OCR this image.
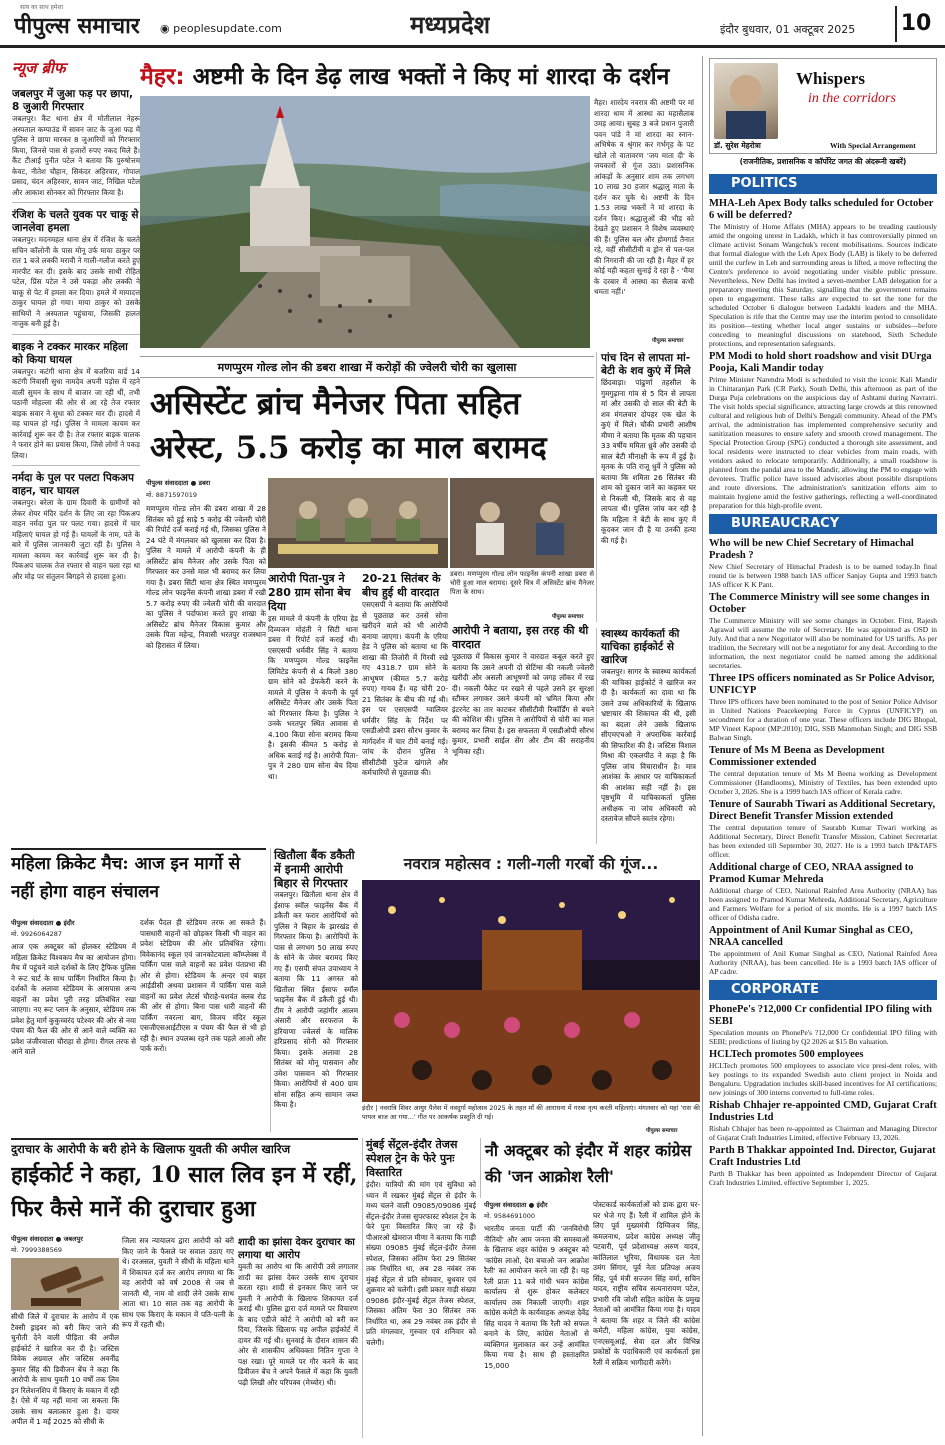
सत्य का साथ हमेशा
पीपुल्स समाचार ◉ peoplesupdate.com	मध्यप्रदेश	इंदौर बुधवार, 01 अक्टूबर 2025 10
न्यूज ब्रीफ
जबलपुर में जुआ फड़ पर छापा, 8 जुआरी गिरफ्तार
जबलपुर। कैंट थाना क्षेत्र में मोतीलाल नेहरू अस्पताल कम्पाउंड में सावन जाट के जुआ फड़ में पुलिस ने छापा मारकर 8 जुआरियों को गिरफ्तार किया, जिनसे पास से हजारों रुपए नकद मिले हैं। कैंट टीआई पुनीत पटेल ने बताया कि पुरुषोत्तम केवट, नीतेश चौहान, सिकंदर अहिरवार, गोपाल प्रसाद, चंदन अहिरवार, सावन जाट, निखिल पटेल और आकाश सोनकर को गिरफ्तार किया है।
रंजिश के चलते युवक पर चाकू से जानलेवा हमला
जबलपुर। मदनमहल थाना क्षेत्र में रंजिश के चलते सचिन कॉलोनी के पास मोनू उर्फ माया ठाकुर पर रात 1 बजे लक्की मरावी ने गाली-गलौज करते हुए मारपीट कर दी। इसके बाद उसके साथी रोहित पटेल, प्रिंस पटेल ने उसे पकड़ा और लक्की ने चाकू से पेट में हमला कर दिया। हमले में मायादत्त ठाकुर घायल हो गया। माया ठाकुर को उसके साथियों ने अस्पताल पहुंचाया, जिसकी हालत नाजुक बनी हुई है।
बाइक ने टक्कर मारकर महिला को किया घायल
जबलपुर। कटंगी थाना क्षेत्र में बजरिया वार्ड 14 कटंगी निवासी सुधा नामदेव अपनी पड़ोस में रहने वाली सुमन के साथ में बाजार जा रही थीं, तभी पठानी मोहल्ला की ओर से आ रहे तेज रफ्तार बाइक सवार ने सुधा को टक्कर मार दी। हादसे में वह घायल हो गई। पुलिस ने मामला कायम कर कार्रवाई शुरू कर दी है। तेज रफ्तार बाइक चालक ने फरार होने का प्रयास किया, जिसे लोगों ने पकड़ लिया।
नर्मदा के पुल पर पलटा पिकअप वाहन, चार घायल
जबलपुर। बरेला के ग्राम दिवारी के ग्रामीणों को लेकर शेयर मंदिर दर्शन के लिए जा रहा पिकअप वाहन नर्मदा पुल पर पलट गया। हादसे में चार महिलाएं घायल हो गई हैं। घायलों के नाम, पते के बारे में पुलिस जानकारी जुटा रही है। पुलिस ने मामला कायम कर कार्रवाई शुरू कर दी है। पिकअप चालक तेज रफ्तार से वाहन चला रहा था और मोड़ पर संतुलन बिगड़ने से हादसा हुआ।
मैहर: अष्टमी के दिन डेढ़ लाख भक्तों ने किए मां शारदा के दर्शन
मैहर। शारदेय नवरात्र की अष्टमी पर मां शारदा धाम में आस्था का महासैलाब उमड़ आया। सुबह 3 बजे प्रधान पुजारी पवन पांडे ने मां शारदा का स्नान-अभिषेक व श्रृंगार कर गर्भगृह के पट खोले तो वातावरण 'जय माता दी' के जयकारों से गूंज उठा। प्रशासनिक आंकड़ों के अनुसार शाम तक लगभग 10 लाख 30 हजार श्रद्धालु माता के दर्शन कर चुके थे। अष्टमी के दिन 1.53 लाख भक्तों ने मां शारदा के दर्शन किए। श्रद्धालुओं की भीड़ को देखते हुए प्रशासन ने विशेष व्यवस्थाएं की हैं। पुलिस बल और होमगार्ड तैनात रहे, वहीं सीसीटीवी व ड्रोन से पल-पल की निगरानी की जा रही है। मैहर में हर कोई यही कहता सुनाई दे रहा है - 'मैया के दरबार में आस्था का सैलाब कभी थमता नहीं।'
पीपुल्स समाचार
मणप्पुरम गोल्ड लोन की डबरा शाखा में करोड़ों की ज्वेलरी चोरी का खुलासा
असिस्टेंट ब्रांच मैनेजर पिता सहित अरेस्ट, 5.5 करोड़ का माल बरामद
पीपुल्स संवाददाता ● डबरा
मो. 8871597019
डबरा। मणप्पुरम गोल्ड लोन फाइनेंस कंपनी शाखा डबरा से चोरी हुआ माल बरामद। दूसरे चित्र में असिस्टेंट ब्रांच मैनेजर पिता के साथ।
पीपुल्स समाचार
मणप्पुरम गोल्ड लोन की डबरा शाखा में 28 सितंबर को हुई साढ़े 5 करोड़ की ज्वेलरी चोरी की रिपोर्ट दर्ज कराई गई थी, जिसका पुलिस ने 24 घंटे में मंगलवार को खुलासा कर दिया है। पुलिस ने मामले में आरोपी कंपनी के ही असिस्टेंट ब्रांच मैनेजर और उसके पिता को गिरफ्तार कर उनसे माल भी बरामद कर लिया गया है। डबरा सिटी थाना क्षेत्र स्थित मणप्पुरम गोल्ड लोन फाइनेंस कंपनी शाखा डबरा में रखी 5.7 करोड़ रुपए की ज्वेलरी चोरी की वारदात का पुलिस ने पर्दाफाश करते हुए शाखा के असिस्टेंट ब्रांच मैनेजर विकास कुमार और उसके पिता महेन्द्र, निवासी भरतपुर राजस्थान को हिरासत में लिया।
आरोपी पिता-पुत्र ने 280 ग्राम सोना बेच दिया
इस मामले में कंपनी के एरिया हेड दिव्यजन मोहंती ने सिटी थाना डबरा में रिपोर्ट दर्ज कराई थी। एसएसपी धर्मवीर सिंह ने बताया कि मणप्पुरम गोल्ड फाइनेंस लिमिटेड कंपनी से 4 किलो 380 ग्राम सोने को डेफकेरी करने के मामले में पुलिस ने कंपनी के पूर्व असिस्टेंट मैनेजर और उसके पिता को गिरफ्तार किया है। पुलिस ने उनके भरतपुर स्थित आवास से 4.100 किग्रा सोना बरामद किया है। इसकी कीमत 5 करोड़ से अधिक बताई गई है। आरोपी पिता-पुत्र ने 280 ग्राम सोना बेच दिया था।
20-21 सितंबर के बीच हुई थी वारदात
एसएसपी ने बताया कि आरोपियों से पूछताछ कर उनसे सोना खरीदने वाले को भी आरोपी बनाया जाएगा। कंपनी के एरिया हेड ने पुलिस को बताया था कि शाखा की तिजोरी में गिरवी रखे गए 4318.7 ग्राम सोने के आभूषण (कीमत 5.7 करोड़ रुपए) गायब हैं। यह चोरी 20-21 सितंबर के बीच की गई थी। इस पर एसएसपी ग्वालियर धर्मवीर सिंह के निर्देश पर एसडीओपी डबरा सौरभ कुमार के मार्गदर्शन में चार टीमें बनाई गई। जांच के दौरान पुलिस ने सीसीटीवी फुटेज खंगाले और कर्मचारियों से पूछताछ की।
आरोपी ने बताया, इस तरह की थी वारदात
पूछताछ में विकास कुमार ने वारदात कबूल करते हुए बताया कि उसने अपनी दो सेटिंग्स की नकली ज्वेलरी खरीदी और असली आभूषणों को जगह लॉकर में रख दी। नकली पैकेट पर रखने से पहले उसने हर सुरक्षा स्टीकर लगाकर उसने कंपनी को भ्रमित किया और इंटरनेट का तार काटकर सीसीटीवी रिकॉर्डिंग से बचने की कोशिश की। पुलिस ने आरोपियों से चोरी का माल बरामद कर लिया है। इस सफलता में एसडीओपी सौरभ कुमार, प्रभारी साईल सेंग और टीम की सराहनीय भूमिका रही।
पांच दिन से लापता मां-बेटी के शव कुएं में मिले
छिंदवाड़ा। पांढुर्णा तहसील के गुमगुढ़ाना गांव से 5 दिन से लापता मां और उसकी दो साल की बेटी के शव मंगलवार दोपहर एक खेत के कुएं में मिले। चौकी प्रभारी आशीष मीणा ने बताया कि मृतक की पहचान 33 वर्षीय ममिता ध्रुवे और उसकी दो साल बेटी मीनाक्षी के रूप में हुई है। मृतक के पति राजू धुर्वे ने पुलिस को बताया कि शमिता 26 सितंबर की शाम को दुकान जाने का कहकर घर से निकली थी, जिसके बाद से वह लापता थी। पुलिस जांच कर रही है कि महिला ने बेटी के साथ कुएं में कूदकर जान दी है या उनकी हत्या की गई है।
स्वास्थ्य कार्यकर्ता की याचिका हाईकोर्ट से खारिज
जबलपुर। सागर के स्वास्थ्य कार्यकर्ता की याचिका हाईकोर्ट ने खारिज कर दी है। कार्यकर्ता का दावा था कि उसने उच्च अधिकारियों के खिलाफ भ्रष्टाचार की शिकायत की थी, इसी का बदला लेने उसके खिलाफ सीएमएचओ ने अपराधिक कार्रवाई की सिफारिश की है। जस्टिस विशाल मिश्रा की एकलपीठ ने कहा है कि पुलिस जांच विचाराधीन है। मात्र आशंका के आधार पर याचिकाकर्ता की आशंका सही नहीं है। इस पृष्ठभूमि में याचिकाकर्ता पुलिस अधीक्षक ना जांच अधिकारी को दस्तावेज सौंपने स्वतंत्र रहेगा।
महिला क्रिकेट मैच: आज इन मार्गो से नहीं होगा वाहन संचालन
पीपुल्स संवाददाता ● इंदौर
मो. 9926064287
आज एक अक्टूबर को होलकर स्टेडियम में महिला क्रिकेट विश्वकप मैच का आयोजन होगा। मैच में पहुंचने वाले दर्शकों के लिए ट्रैफिक पुलिस ने रूट चार्ट के साथ पार्किंग निर्धारित किया है। दर्शकों के अलावा स्टेडियम के आसपास अन्य वाहनों का प्रवेश पूरी तरह प्रतिबंधित रखा जाएगा। नए रूट प्लान के अनुसार, स्टेडियम तक प्रवेश हेतु मार्ग कुकुच्चरंद पटेश्वर की ओर से नया पंचम की फैल की ओर से आने वाले व्यक्ति का प्रवेश जंजीरवाला चौराहा से होगा। रीगल तरफ से आने वाले
दर्शक पैदल ही स्टेडियम तरफ आ सकते हैं। पासधारी वाहनों को छोड़कर किसी भी वाहन का प्रवेश स्टेडियम की ओर प्रतिबंधित रहेगा। विवेकानंद स्कूल एवं जानकोटवाला कॉम्प्लेक्स में पार्किंग पास वाले वाहनों का प्रवेश पंतप्रभा की ओर से होगा। स्टेडियम के अन्दर एवं बाहर आईडीसी अथवा प्रशासन में पार्किंग पास वाले वाहनों का प्रवेश लेटर्स चौराहे-यशवंत क्लब रोड की ओर से होगा। बिना पास धारी वाहनों की पार्किंग नवरत्ना बाग, विजय मंदिर स्कूल एसजीएसआईटीएस व पंचम की फैल से भी हो रही है। स्थान उपलब्ध रहने तक पहले आओ और पार्क करो।
खितौला बैंक डकैती में इनामी आरोपी बिहार से गिरफ्तार
जबलपुर। खितौला थाना क्षेत्र में ईसाफ स्मॉल फाइनेंस बैंक में डकैती कर फरार आरोपियों को पुलिस ने बिहार के झारखंड से गिरफ्तार किया है। आरोपियों के पास से लगभग 50 लाख रुपए के सोने के जेवर बरामद किए गए हैं। एसपी संपत उपाध्याय ने बताया कि 11 अगस्त को खितौला स्थित ईसाफ स्मॉल फाइनेंस बैंक में डकैती हुई थी। टीम ने आरोपी जहांगीर आलम अंसारी और सरफराज के हरियाणा ज्वेलर्स के मालिक हरिप्रसाद सोनी को गिरफ्तार किया। इसके अलावा 28 सितंबर को मोनू पासवान और उमेश पासवान को गिरफ्तार किया। आरोपियों से 400 ग्राम सोना सहित अन्य सामान जब्त किया है।
नवरात्र महोत्सव : गली-गली गरबों की गूंज...
इंदौर | नवरात्रि शिवर आयुर पैलेस में नवदुर्गा महोत्सव 2025 के तहत माँ की आराधना में गरबा नृत्य करती महिलाएं। मंगलवार को यहां 'रास की पायल बाज आ गया...' गीत पर आकर्षक प्रस्तुति दी गई।
पीपुल्स समाचार
दुराचार के आरोपी के बरी होने के खिलाफ युवती की अपील खारिज
हाईकोर्ट ने कहा, 10 साल लिव इन में रहीं, फिर कैसे मानें की दुराचार हुआ
पीपुल्स संवाददाता ● जबलपुर
मो. 7999388569
सीधी जिले में दुराचार के आरोप में एक टैक्सी ड्राइवर को बरी किए जाने की चुनौती देने वाली पीड़िता की अपील हाईकोर्ट ने खारिज कर दी है। जस्टिस विवेक अग्रवाल और जस्टिस अवनींद्र कुमार सिंह की डिवीजन बेंच ने कहा कि आरोपी के साथ युवती 10 वर्षों तक लिव इन रिलेशनशिप में किराए के मकान में रही है। ऐसे में यह नहीं माना जा सकता कि उसके साथ बलात्कार हुआ है। दायर अपील में 1 मई 2025 को सीधी के
जिला सत्र न्यायालय द्वारा आरोपी को बरी किए जाने के फैसले पर सवाल उठाए गए थे। दरअसल, युवती ने सीधी के महिला थाने में शिकायत दर्ज कर आरोप लगाया था कि वह आरोपी को वर्ष 2008 से जब से जानती थी, नाम वो शादी लेने उसके साथ आता था। 10 साल तक वह आरोपी के साथ एक किराए के मकान में पति-पत्नी के रूप में रहती थी।
शादी का झांसा देकर दुराचार का लगाया था आरोप
युवती का आरोप था कि आरोपी उसे लगातार शादी का झांसा देकर उसके साथ दुराचार करता रहा। शादी से इनकार किए जाने पर युवती ने आरोपी के खिलाफ शिकायत दर्ज कराई थी। पुलिस द्वारा दर्ज मामले पर विचारण के बाद एडीजे कोर्ट ने आरोपी को बरी कर दिया, जिसके खिलाफ यह अपील हाईकोर्ट में दायर की गई थी। सुनवाई के दौरान शासन की ओर से शासकीय अधिवक्ता नितिन गुप्ता ने पक्ष रखा। पूरे मामले पर गौर करने के बाद डिवीजन बेंच ने अपने फैसले में कहा कि युवती पढ़ी लिखी और परिपक्व (मेच्योर) थी।
मुंबई सेंट्रल-इंदौर तेजस स्पेशल ट्रेन के फेरे पुनः विस्तारित
इंदौर। यात्रियों की मांग एवं सुविधा को ध्यान में रखकर मुंबई सेंट्रल से इंदौर के मध्य चलने वाली 09085/09086 मुंबई सेंट्रल-इंदौर तेजस सुपरफास्ट स्पेशल ट्रेन के फेरे पुनः विस्तारित किए जा रहे हैं। पीआरओ खेमराज मीणा ने बताया कि गाड़ी संख्या 09085 मुंबई सेंट्रल-इंदौर तेजस स्पेशल, जिसका अंतिम फेरा 29 सितंबर तक निर्धारित था, अब 28 नवंबर तक मुंबई सेंट्रल से प्रति सोमवार, बुधवार एवं शुक्रवार को चलेगी। इसी प्रकार गाड़ी संख्या 09086 इंदौर-मुंबई सेंट्रल तेजस स्पेशल, जिसका अंतिम फेरा 30 सितंबर तक निर्धारित था, अब 29 नवंबर तक इंदौर से प्रति मंगलवार, गुरुवार एवं शनिवार को चलेगी।
नौ अक्टूबर को इंदौर में शहर कांग्रेस की 'जन आक्रोश रैली'
पीपुल्स संवाददाता ● इंदौर
मो. 9584691000
भारतीय जनता पार्टी की 'जनविरोधी नीतियों' और आम जनता की समस्याओं के खिलाफ शहर कांग्रेस 9 अक्टूबर को 'कांग्रेस लाओ, देश बचाओ जन आक्रोश रैली' का आयोजन करने जा रही है। यह रैली प्रातः 11 बजे गांधी भवन कांग्रेस कार्यालय से शुरू होकर कलेक्टर कार्यालय तक निकाली जाएगी। शहर कांग्रेस कमेटी के कार्यवाहक अध्यक्ष देवेंद्र सिंह यादव ने बताया कि रैली को सफल बनाने के लिए, कांग्रेस नेताओं से व्यक्तिगत मुलाकात कर उन्हें आमंत्रित किया गया है। साथ ही हस्ताक्षरित 15,000
पोस्टकार्ड कार्यकर्ताओं को डाक द्वारा घर-घर भेजे गए हैं। रैली में शामिल होने के लिए पूर्व मुख्यमंत्री दिग्विजय सिंह, कमलनाथ, प्रदेश कांग्रेस अध्यक्ष जीतू पटवारी, पूर्व प्रदेशाध्यक्ष अरुण यादव, कांतिलाल भूरिया, विधायक दल नेता उमंग सिंगार, पूर्व नेता प्रतिपक्ष अजय सिंह, पूर्व मंत्री सज्जन सिंह वर्मा, सचिन यादव, राष्ट्रीय सचिव सत्यनारायण पटेल, प्रभारी रवि जोशी सहित कांग्रेस के प्रमुख नेताओं को आमंत्रित किया गया है। यादव ने बताया कि शहर व जिले की कांग्रेस कमेटी, महिला कांग्रेस, युवा कांग्रेस, एनएसयूआई, सेवा दल और विभिन्न प्रकोष्ठों के पदाधिकारी एवं कार्यकर्ता इस रैली में सक्रिय भागीदारी करेंगे।
Whispers
in the corridors
डॉ. सुरेश मेहरोत्रा	With Special Arrangement
(राजनीतिक, प्रशासनिक व कॉर्पोरेट जगत की अंदरूनी खबरें)
POLITICS
MHA-Leh Apex Body talks scheduled for October 6 will be deferred?
The Ministry of Home Affairs (MHA) appears to be treading cautiously amid the ongoing unrest in Ladakh, which it has controversially pinned on climate activist Sonam Wangchuk's recent mobilisations. Sources indicate that formal dialogue with the Leh Apex Body (LAB) is likely to be deferred until the curfew in Leh and surrounding areas is lifted, a move reflecting the Centre's preference to avoid negotiating under visible public pressure. Nevertheless, New Delhi has invited a seven-member LAB delegation for a preparatory meeting this Saturday, signalling that the government remains open to engagement. These talks are expected to set the tone for the scheduled October 6 dialogue between Ladakhi leaders and the MHA. Speculation is rife that the Centre may use the interim period to consolidate its position—testing whether local anger sustains or subsides—before conceding to meaningful discussions on statehood, Sixth Schedule protections, and representation safeguards.
PM Modi to hold short roadshow and visit DUrga Pooja, Kali Mandir today
Prime Minister Narendra Modi is scheduled to visit the iconic Kali Mandir in Chittaranjan Park (CR Park), South Delhi, this afternoon as part of the Durga Puja celebrations on the auspicious day of Ashtami during Navratri. The visit holds special significance, attracting large crowds at this renowned cultural and religious hub of Delhi's Bengali community. Ahead of the PM's arrival, the administration has implemented comprehensive security and sanitization measures to ensure safety and smooth crowd management. The Special Protection Group (SPG) conducted a thorough site assessment, and local residents were instructed to clear vehicles from main roads, with vendors asked to relocate temporarily. Additionally, a small roadshow is planned from the pandal area to the Mandir, allowing the PM to engage with devotees. Traffic police have issued advisories about possible disruptions and route diversions. The administration's sanitization efforts aim to maintain hygiene amid the festive gatherings, reflecting a well-coordinated preparation for this high-profile event.
BUREAUCRACY
Who will be new Chief Secretary of Himachal Pradesh ?
New Chief Secretary of Himachal Pradesh is to be named today.In final round tie is between 1988 batch IAS officer Sanjay Gupta and 1993 batch IAS officer K K Pant.
The Commerce Ministry will see some changes in October
The Commerce Ministry will see some changes in October. First, Rajesh Agrawal will assume the role of Secretary. He was appointed as OSD in July. And that a new Negotiator will also be nominated for US tariffs. As per tradition, the Secretary will not be a negotiator for any deal. According to the information, the next negotiator could be named among the additional secretaries.
Three IPS officers nominated as Sr Police Advisor, UNFICYP
Three IPS officers have been nominated to the post of Senior Police Advisor in United Nations Peacekeeping Force in Cyprus (UNFICYP) on secondment for a duration of one year. These officers include DIG Bhopal, MP Vineet Kapoor (MP:2010); DIG, SSB Manmohan Singh; and DIG SSB Balwan Singh.
Tenure of Ms M Beena as Development Commissioner extended
The central deputation tenure of Ms M Beena working as Development Commissioner (Handlooms), Ministry of Textiles, has been extended upto October 3, 2026. She is a 1999 batch IAS officer of Kerala cadre.
Tenure of Saurabh Tiwari as Additional Secretary, Direct Benefit Transfer Mission extended
The central deputation tenure of Saurabh Kumar Tiwari working as Additional Secretary, Direct Benefit Transfer Mission, Cabinet Secretariat has been extended till September 30, 2027. He is a 1993 batch IP&TAFS officer.
Additional charge of CEO, NRAA assigned to Pramod Kumar Mehreda
Additional charge of CEO, National Rainfed Area Authority (NRAA) has been assigned to Pramod Kumar Mehreda, Additional Secretary, Agriculture and Farmers Welfare for a period of six months. He is a 1997 batch IAS officer of Odisha cadre.
Appointment of Anil Kumar Singhal as CEO, NRAA cancelled
The appointment of Anil Kumar Singhal as CEO, National Rainfed Area Authority (NRAA), has been cancelled. He is a 1993 batch IAS officer of AP cadre.
CORPORATE
PhonePe's ?12,000 Cr confidential IPO filing with SEBI
Speculation mounts on PhonePe's ?12,000 Cr confidential IPO filing with SEBI; predictions of listing by Q2 2026 at $15 Bn valuation.
HCLTech promotes 500 employees
HCLTech promotes 500 employees to associate vice presi-dent roles, with key postings to its expanded Swedish auto client project in Noida and Bengaluru. Upgradation includes skill-based incentives for AI certifications; new joinings of 300 interns converted to full-time roles.
Rishab Chhajer re-appointed CMD, Gujarat Craft Industries Ltd
Rishab Chhajer has been re-appointed as Chairman and Managing Director of Gujarat Craft Industries Limited, effective February 13, 2026.
Parth B Thakkar appointed Ind. Director, Gujarat Craft Industries Ltd
Parth B Thakkar has been appointed as Independent Director of Gujarat Craft Industries Limited, effective September 1, 2025.
